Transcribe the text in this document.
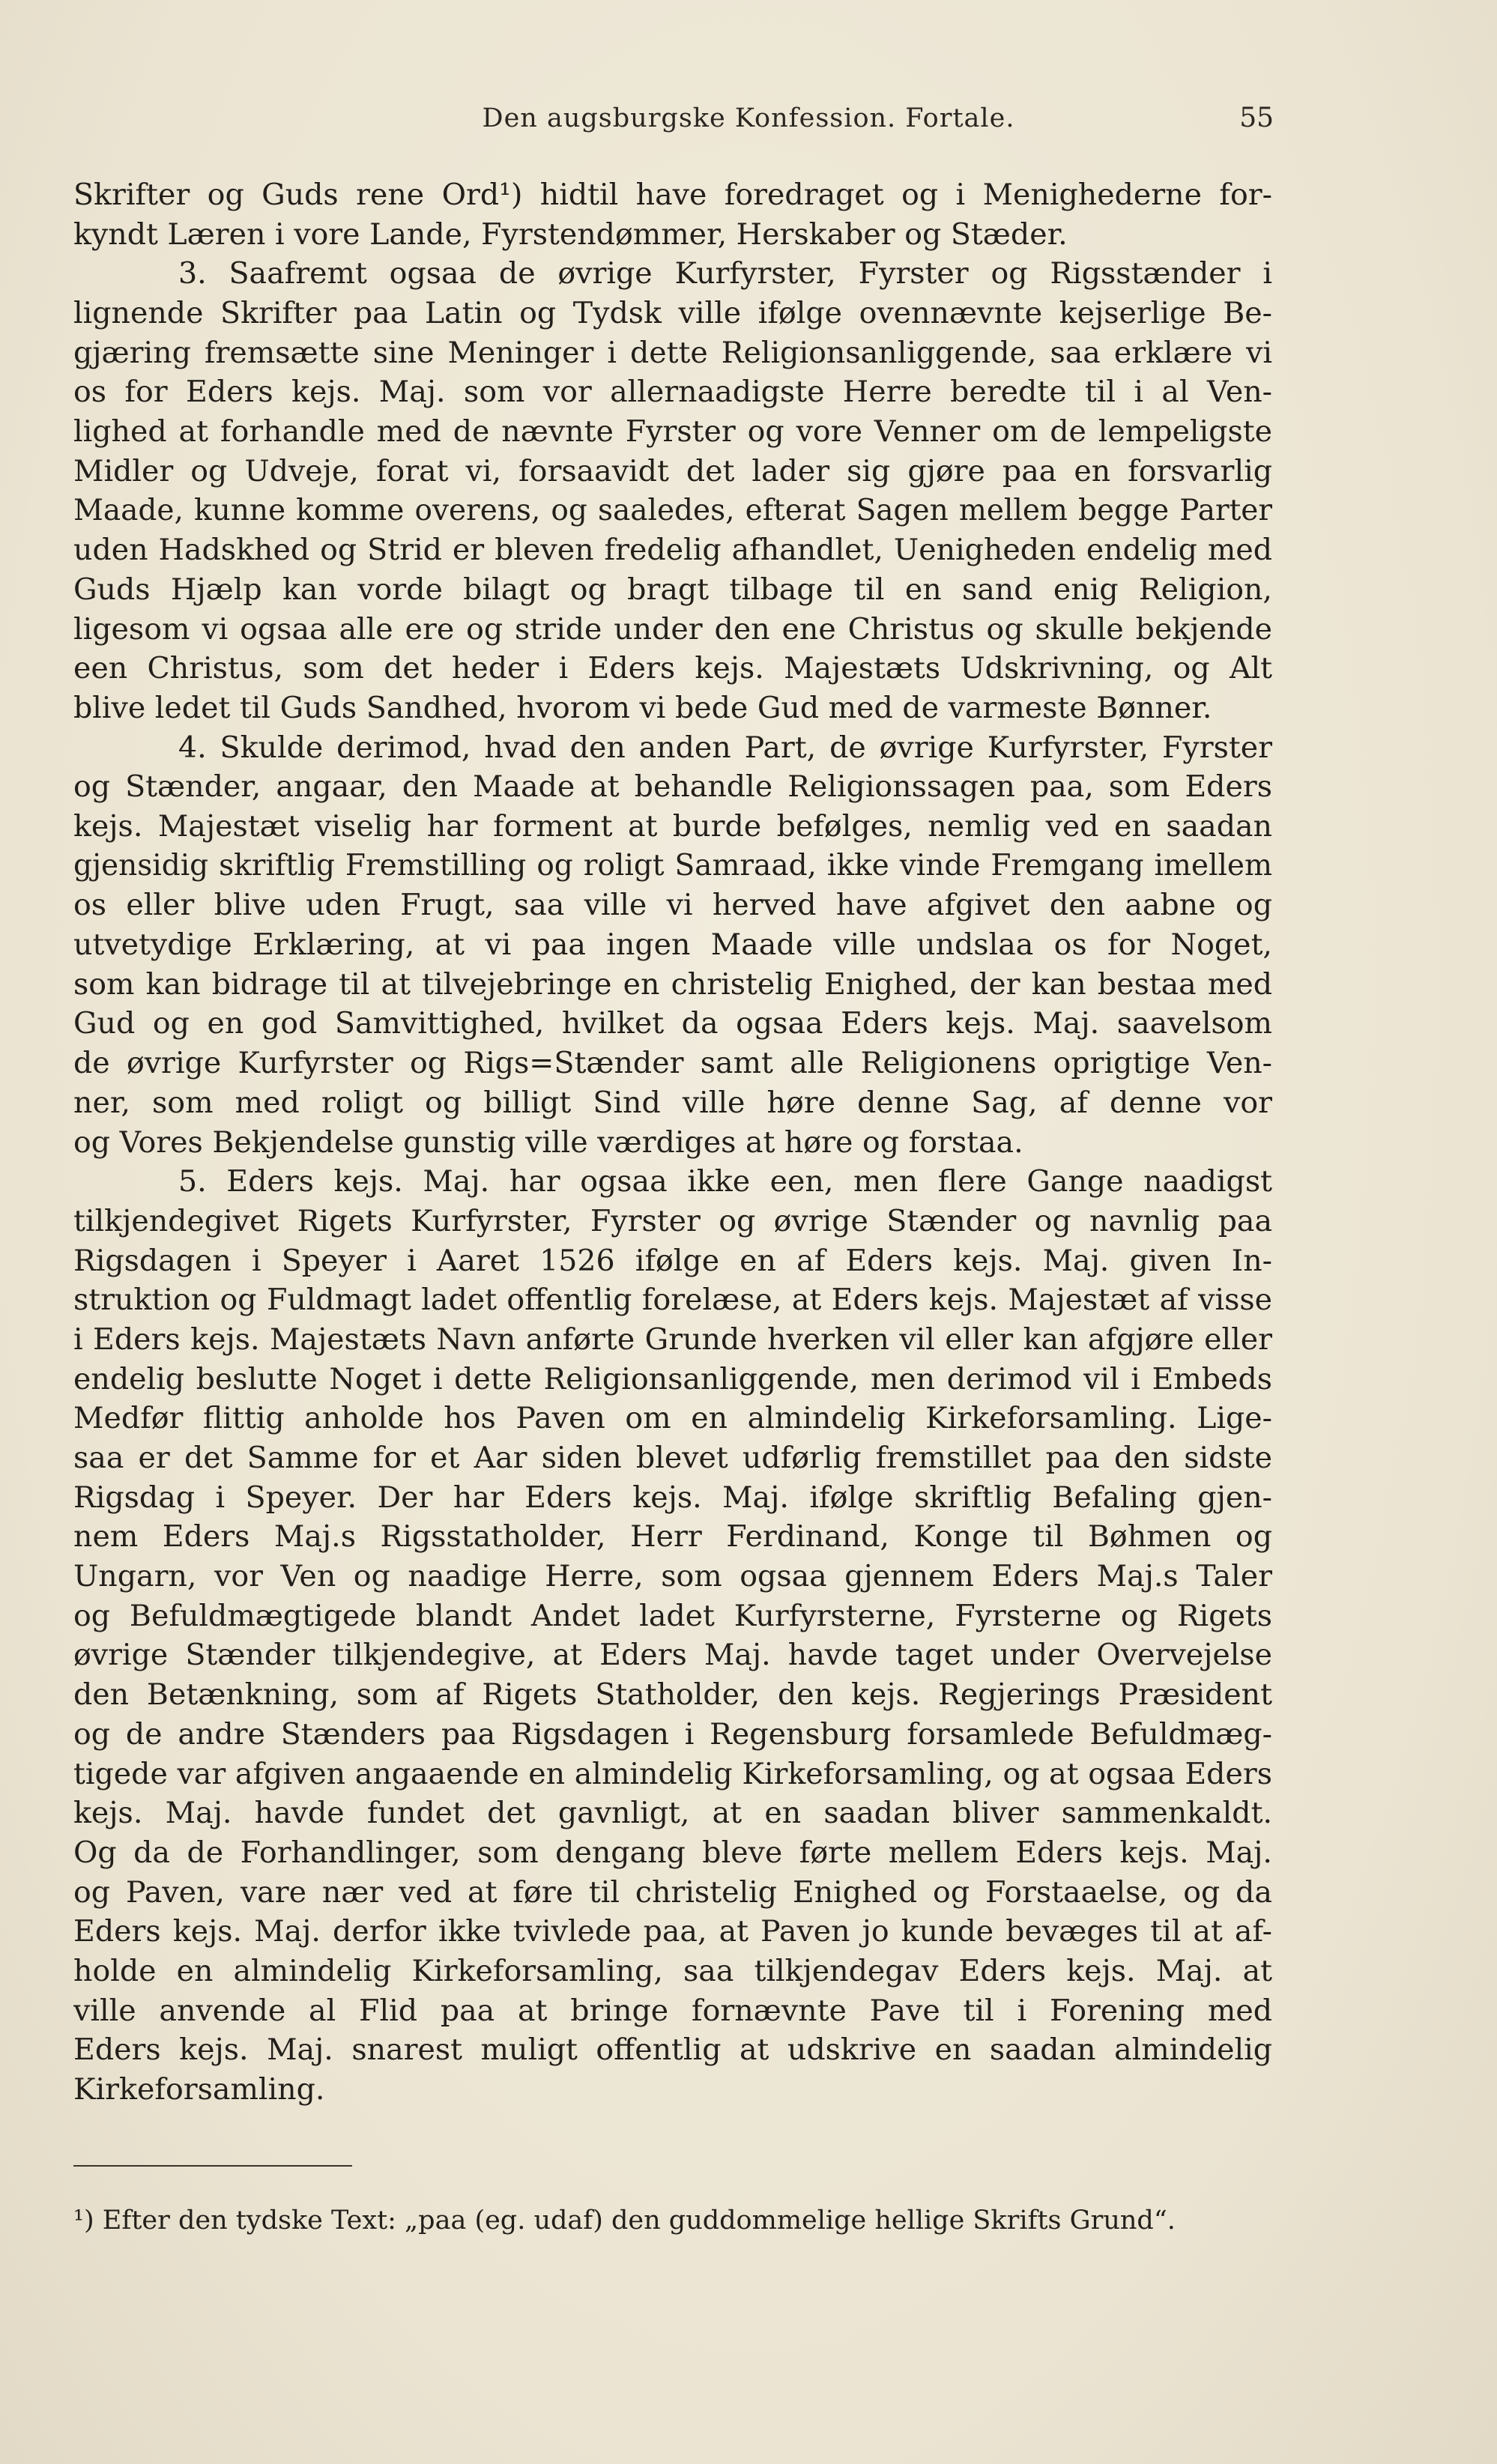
Den augsburgske Konfession. Fortale.	55
Skrifter og Guds rene Ord¹) hidtil have foredraget og i Menighederne for-
kyndt Læren i vore Lande, Fyrstendømmer, Herskaber og Stæder.
3. Saafremt ogsaa de øvrige Kurfyrster, Fyrster og Rigsstænder i
lignende Skrifter paa Latin og Tydsk ville ifølge ovennævnte kejserlige Be-
gjæring fremsætte sine Meninger i dette Religionsanliggende, saa erklære vi
os for Eders kejs. Maj. som vor allernaadigste Herre beredte til i al Ven-
lighed at forhandle med de nævnte Fyrster og vore Venner om de lempeligste
Midler og Udveje, forat vi, forsaavidt det lader sig gjøre paa en forsvarlig
Maade, kunne komme overens, og saaledes, efterat Sagen mellem begge Parter
uden Hadskhed og Strid er bleven fredelig afhandlet, Uenigheden endelig med
Guds Hjælp kan vorde bilagt og bragt tilbage til en sand enig Religion,
ligesom vi ogsaa alle ere og stride under den ene Christus og skulle bekjende
een Christus, som det heder i Eders kejs. Majestæts Udskrivning, og Alt
blive ledet til Guds Sandhed, hvorom vi bede Gud med de varmeste Bønner.
4. Skulde derimod, hvad den anden Part, de øvrige Kurfyrster, Fyrster
og Stænder, angaar, den Maade at behandle Religionssagen paa, som Eders
kejs. Majestæt viselig har forment at burde befølges, nemlig ved en saadan
gjensidig skriftlig Fremstilling og roligt Samraad, ikke vinde Fremgang imellem
os eller blive uden Frugt, saa ville vi herved have afgivet den aabne og
utvetydige Erklæring, at vi paa ingen Maade ville undslaa os for Noget,
som kan bidrage til at tilvejebringe en christelig Enighed, der kan bestaa med
Gud og en god Samvittighed, hvilket da ogsaa Eders kejs. Maj. saavelsom
de øvrige Kurfyrster og Rigs=Stænder samt alle Religionens oprigtige Ven-
ner, som med roligt og billigt Sind ville høre denne Sag, af denne vor
og Vores Bekjendelse gunstig ville værdiges at høre og forstaa.
5. Eders kejs. Maj. har ogsaa ikke een, men flere Gange naadigst
tilkjendegivet Rigets Kurfyrster, Fyrster og øvrige Stænder og navnlig paa
Rigsdagen i Speyer i Aaret 1526 ifølge en af Eders kejs. Maj. given In-
struktion og Fuldmagt ladet offentlig forelæse, at Eders kejs. Majestæt af visse
i Eders kejs. Majestæts Navn anførte Grunde hverken vil eller kan afgjøre eller
endelig beslutte Noget i dette Religionsanliggende, men derimod vil i Embeds
Medfør flittig anholde hos Paven om en almindelig Kirkeforsamling. Lige-
saa er det Samme for et Aar siden blevet udførlig fremstillet paa den sidste
Rigsdag i Speyer. Der har Eders kejs. Maj. ifølge skriftlig Befaling gjen-
nem Eders Maj.s Rigsstatholder, Herr Ferdinand, Konge til Bøhmen og
Ungarn, vor Ven og naadige Herre, som ogsaa gjennem Eders Maj.s Taler
og Befuldmægtigede blandt Andet ladet Kurfyrsterne, Fyrsterne og Rigets
øvrige Stænder tilkjendegive, at Eders Maj. havde taget under Overvejelse
den Betænkning, som af Rigets Statholder, den kejs. Regjerings Præsident
og de andre Stænders paa Rigsdagen i Regensburg forsamlede Befuldmæg-
tigede var afgiven angaaende en almindelig Kirkeforsamling, og at ogsaa Eders
kejs. Maj. havde fundet det gavnligt, at en saadan bliver sammenkaldt.
Og da de Forhandlinger, som dengang bleve førte mellem Eders kejs. Maj.
og Paven, vare nær ved at føre til christelig Enighed og Forstaaelse, og da
Eders kejs. Maj. derfor ikke tvivlede paa, at Paven jo kunde bevæges til at af-
holde en almindelig Kirkeforsamling, saa tilkjendegav Eders kejs. Maj. at
ville anvende al Flid paa at bringe fornævnte Pave til i Forening med
Eders kejs. Maj. snarest muligt offentlig at udskrive en saadan almindelig
Kirkeforsamling.
¹) Efter den tydske Text: „paa (eg. udaf) den guddommelige hellige Skrifts Grund“.
